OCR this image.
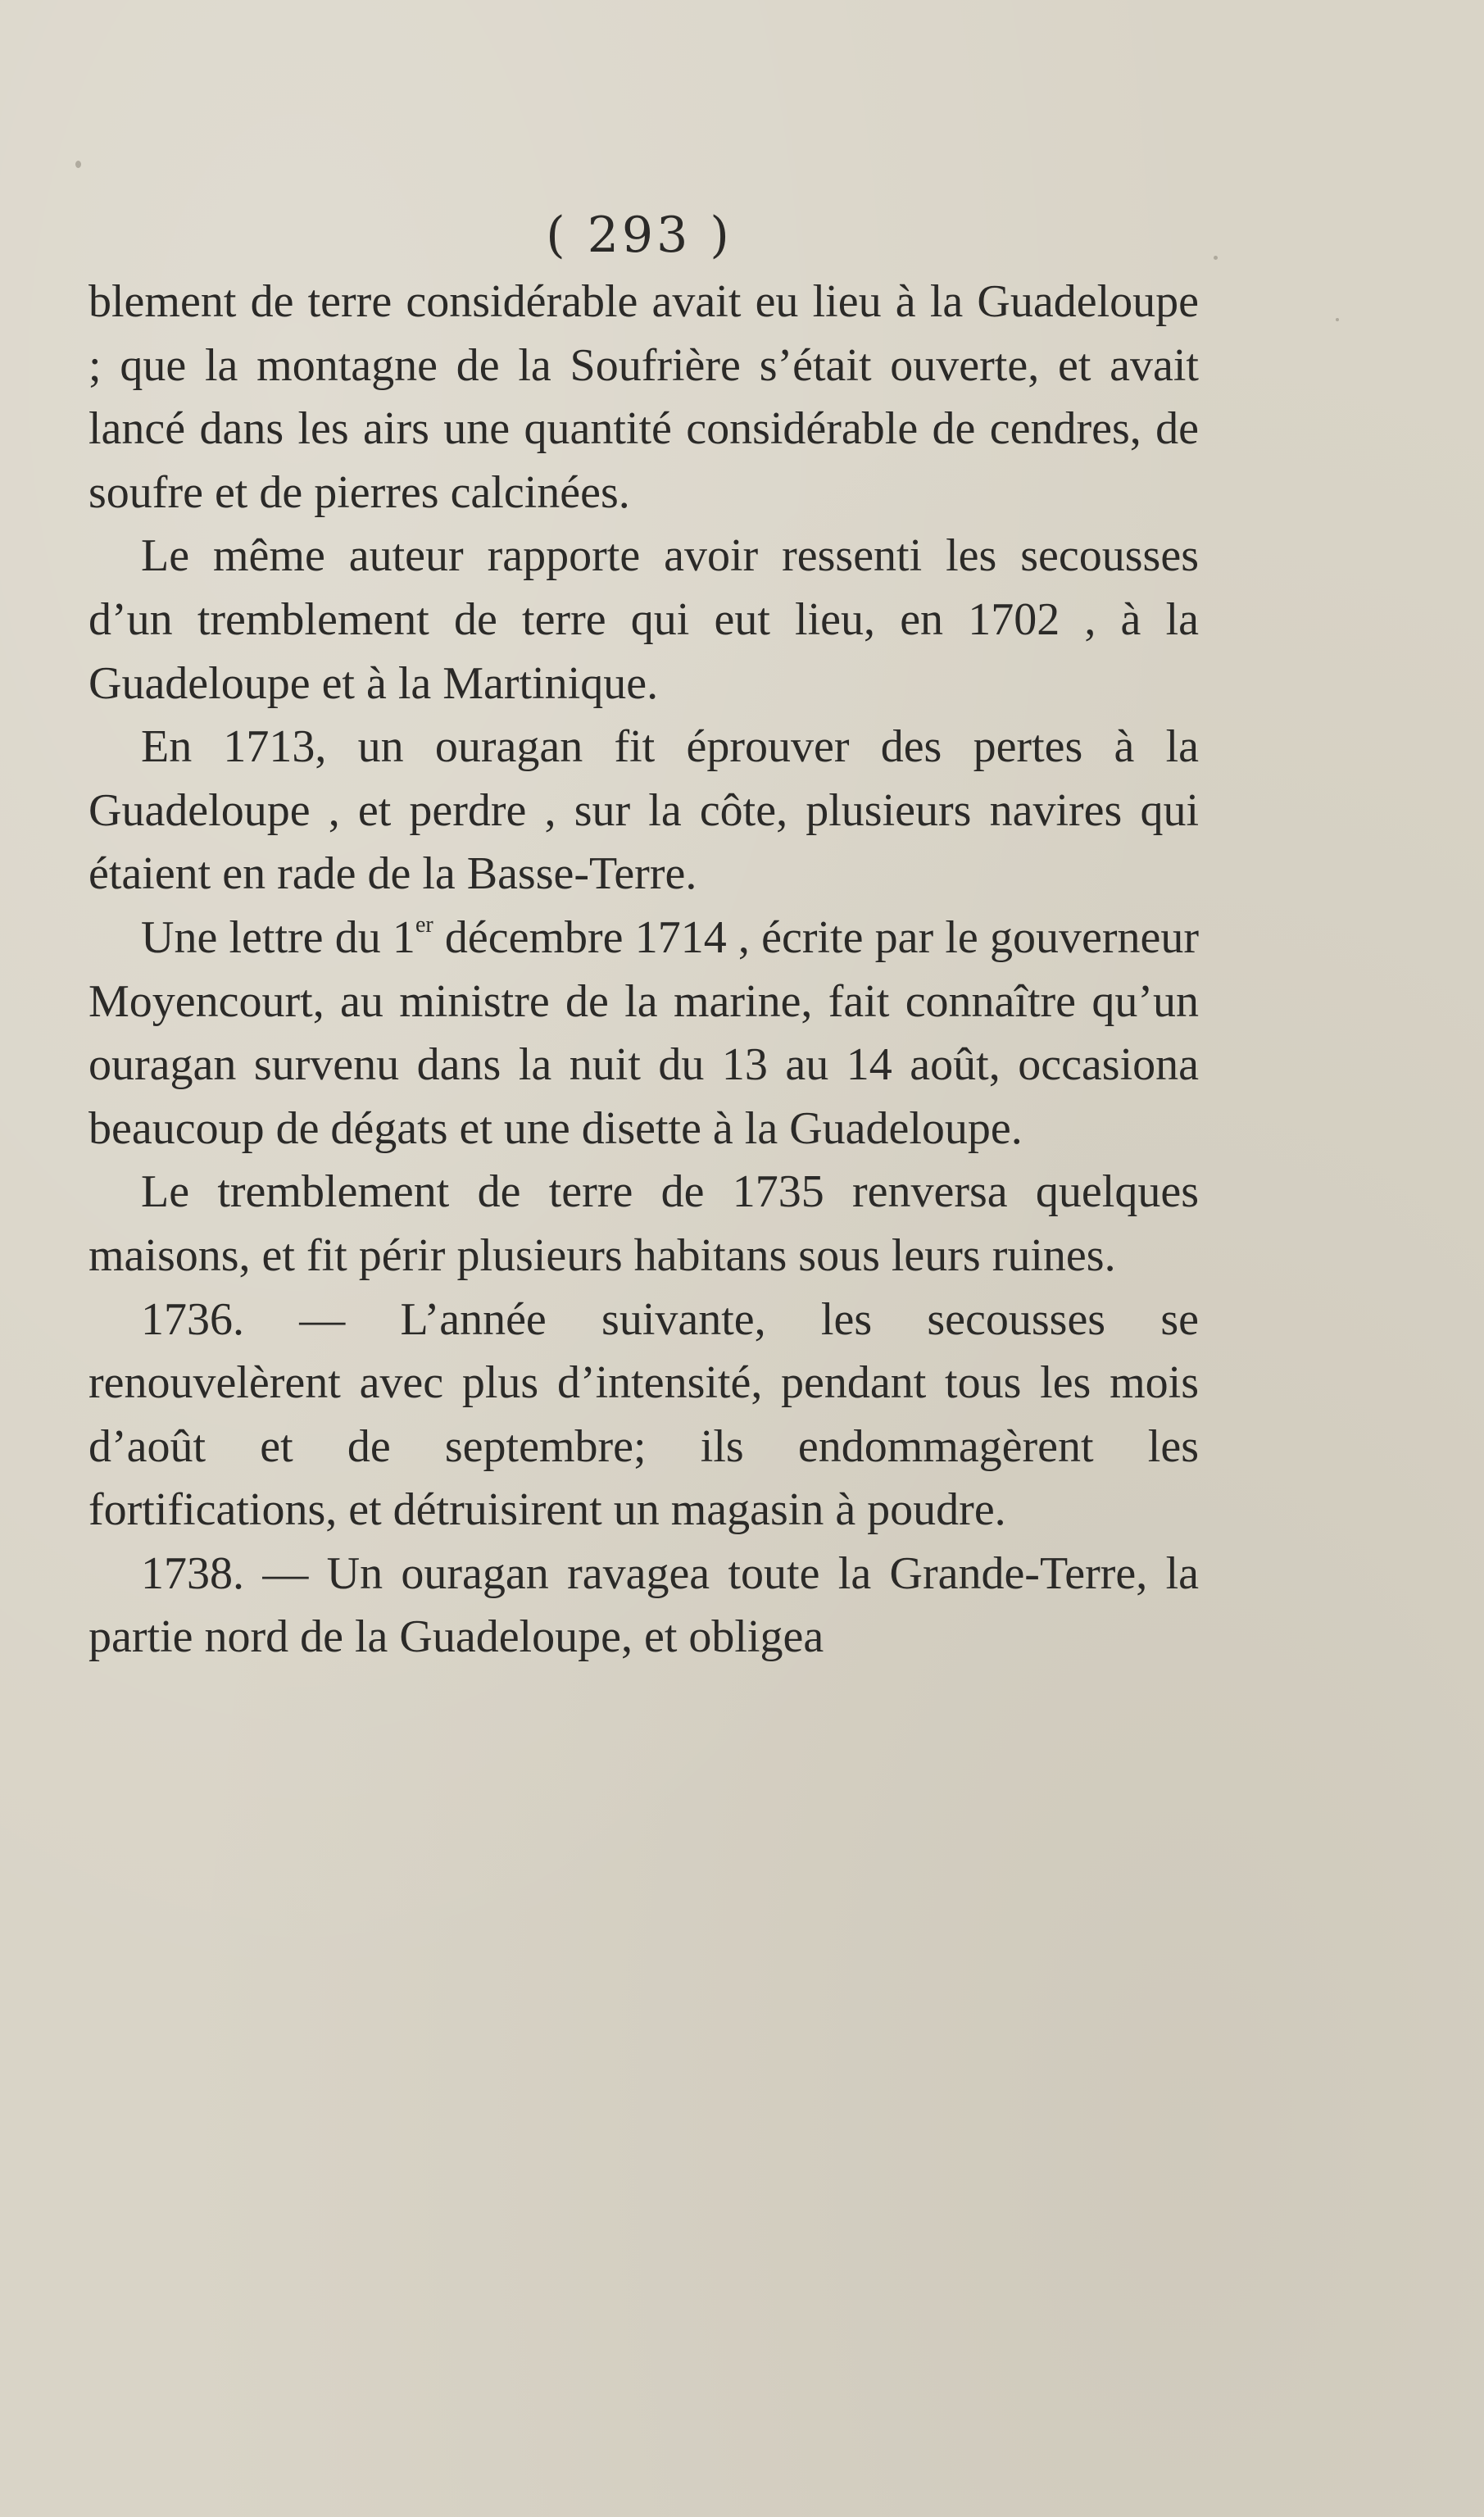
( 293 )

blement de terre considérable avait eu lieu à la Guadeloupe ; que la montagne de la Soufrière s’était ouverte, et avait lancé dans les airs une quantité considérable de cendres, de soufre et de pierres calcinées.

Le même auteur rapporte avoir ressenti les secousses d’un tremblement de terre qui eut lieu, en 1702 , à la Guadeloupe et à la Martinique.

En 1713, un ouragan fit éprouver des pertes à la Guadeloupe , et perdre , sur la côte, plusieurs navires qui étaient en rade de la Basse-Terre.

Une lettre du 1er décembre 1714 , écrite par le gouverneur Moyencourt, au ministre de la marine, fait connaître qu’un ouragan survenu dans la nuit du 13 au 14 août, occasiona beaucoup de dégats et une disette à la Guadeloupe.

Le tremblement de terre de 1735 renversa quelques maisons, et fit périr plusieurs habitans sous leurs ruines.

1736. — L’année suivante, les secousses se renouvelèrent avec plus d’intensité, pendant tous les mois d’août et de septembre; ils endommagèrent les fortifications, et détruisirent un magasin à poudre.

1738. — Un ouragan ravagea toute la Grande-Terre, la partie nord de la Guadeloupe, et obligea
